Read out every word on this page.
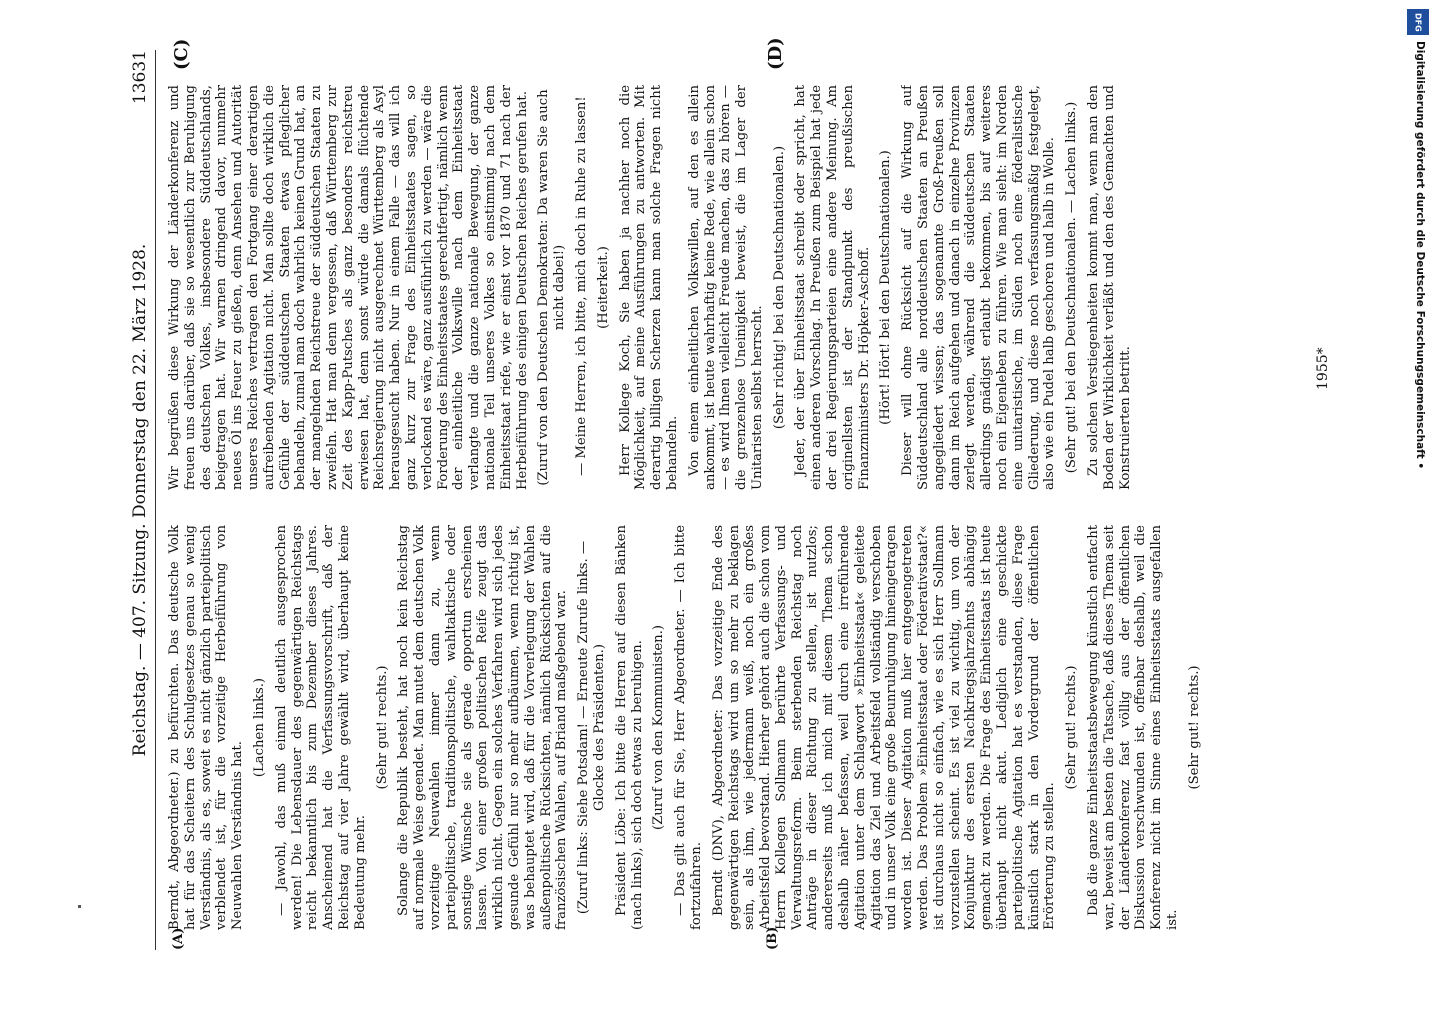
Reichstag. — 407. Sitzung. Donnerstag den 22. März 1928.
13631
(A)	(B)
(C)	(D)

Berndt, Abgeordneter.) zu befürchten. Das deutsche Volk hat für das Scheitern des Schulgesetzes genau so wenig Verständnis, als es, soweit es nicht gänzlich parteipolitisch verblendet ist, für die vorzeitige Herbeiführung von Neuwahlen Verständnis hat.

(Lachen links.) — Jawohl, das muß einmal deutlich ausgesprochen werden! Die Lebensdauer des gegenwärtigen Reichstags reicht bekanntlich bis zum Dezember dieses Jahres. Anscheinend hat die Verfassungsvorschrift, daß der Reichstag auf vier Jahre gewählt wird, überhaupt keine Bedeutung mehr.

(Sehr gut! rechts.) Solange die Republik besteht, hat noch kein Reichstag auf normale Weise geendet. Man mutet dem deutschen Volk vorzeitige Neuwahlen immer dann zu, wenn parteipolitische, traditionspolitische, wahltaktische oder sonstige Wünsche sie als gerade opportun erscheinen lassen. Von einer großen politischen Reife zeugt das wirklich nicht. Gegen ein solches Verfahren wird sich jedes gesunde Gefühl nur so mehr aufbäumen, wenn richtig ist, was behauptet wird, daß für die Vorverlegung der Wahlen außenpolitische Rücksichten, nämlich Rücksichten auf die französischen Wahlen, auf Briand maßgebend war. (Zuruf links: Siehe Potsdam! — Erneute Zurufe links. — Glocke des Präsidenten.) Präsident Löbe: Ich bitte die Herren auf diesen Bänken (nach links), sich doch etwas zu beruhigen. (Zuruf von den Kommunisten.) — Das gilt auch für Sie, Herr Abgeordneter. — Ich bitte fortzufahren. Berndt (DNV), Abgeordneter: Das vorzeitige Ende des gegenwärtigen Reichstags wird um so mehr zu beklagen sein, als ihm, wie jedermann weiß, noch ein großes Arbeitsfeld bevorstand. Hierher gehört auch die schon vom Herrn Kollegen Sollmann berührte Verfassungs- und Verwaltungsreform. Beim sterbenden Reichstag noch Anträge in dieser Richtung zu stellen, ist nutzlos; andererseits muß ich mich mit diesem Thema schon deshalb näher befassen, weil durch eine irreführende Agitation unter dem Schlagwort »Einheitsstaat« geleitete Agitation das Ziel und Arbeitsfeld vollständig verschoben und in unser Volk eine große Beunruhigung hineingetragen worden ist. Dieser Agitation muß hier entgegengetreten werden. Das Problem »Einheitsstaat oder Föderativstaat?« ist durchaus nicht so einfach, wie es sich Herr Sollmann vorzustellen scheint. Es ist viel zu wichtig, um von der Konjunktur des ersten Nachkriegsjahrzehnts abhängig gemacht zu werden. Die Frage des Einheitsstaats ist heute überhaupt nicht akut. Lediglich eine geschickte parteipolitische Agitation hat es verstanden, diese Frage künstlich stark in den Vordergrund der öffentlichen Erörterung zu stellen.

(Sehr gut! rechts.) Daß die ganze Einheitsstaatsbewegung künstlich entfacht war, beweist am besten die Tatsache, daß dieses Thema seit der Länderkonferenz fast völlig aus der öffentlichen Diskussion verschwunden ist, offenbar deshalb, weil die Konferenz nicht im Sinne eines Einheitsstaats ausgefallen ist.

(Sehr gut! rechts.)

Wir begrüßen diese Wirkung der Länderkonferenz und freuen uns darüber, daß sie so wesentlich zur Beruhigung des deutschen Volkes, insbesondere Süddeutschlands, beigetragen hat. Wir warnen dringend davor, nunmehr neues Öl ins Feuer zu gießen, denn Ansehen und Autorität unseres Reiches vertragen den Fortgang einer derartigen aufreibenden Agitation nicht. Man sollte doch wirklich die Gefühle der süddeutschen Staaten etwas pfleglicher behandeln, zumal man doch wahrlich keinen Grund hat, an der mangelnden Reichstreue der süddeutschen Staaten zu zweifeln. Hat man denn vergessen, daß Württemberg zur Zeit des Kapp-Putsches als ganz besonders reichstreu erwiesen hat, denn sonst würde die damals flüchtende Reichsregierung nicht ausgerechnet Württemberg als Asyl herausgesucht haben. Nur in einem Falle — das will ich ganz kurz zur Frage des Einheitsstaates sagen, so verlockend es wäre, ganz ausführlich zu werden — wäre die Forderung des Einheitsstaates gerechtfertigt, nämlich wenn der einheitliche Volkswille nach dem Einheitsstaat verlangte und die ganze nationale Bewegung, der ganze nationale Teil unseres Volkes so einstimmig nach dem Einheitsstaat riefe, wie er einst vor 1870 und 71 nach der Herbeiführung des einigen Deutschen Reiches gerufen hat. (Zuruf von den Deutschen Demokraten: Da waren Sie auch nicht dabei!) — Meine Herren, ich bitte, mich doch in Ruhe zu lassen! (Heiterkeit.) Herr Kollege Koch, Sie haben ja nachher noch die Möglichkeit, auf meine Ausführungen zu antworten. Mit derartig billigen Scherzen kann man solche Fragen nicht behandeln. Von einem einheitlichen Volkswillen, auf den es allein ankommt, ist heute wahrhaftig keine Rede, wie allein schon — es wird Ihnen vielleicht Freude machen, das zu hören — die grenzenlose Uneinigkeit beweist, die im Lager der Unitaristen selbst herrscht. (Sehr richtig! bei den Deutschnationalen.) Jeder, der über Einheitsstaat schreibt oder spricht, hat einen anderen Vorschlag. In Preußen zum Beispiel hat jede der drei Regierungsparteien eine andere Meinung. Am originellsten ist der Standpunkt des preußischen Finanzministers Dr. Höpker-Aschoff. (Hört! Hört! bei den Deutschnationalen.) Dieser will ohne Rücksicht auf die Wirkung auf Süddeutschland alle norddeutschen Staaten an Preußen angegliedert wissen; das sogenannte Groß-Preußen soll dann im Reich aufgehen und danach in einzelne Provinzen zerlegt werden, während die süddeutschen Staaten allerdings gnädigst erlaubt bekommen, bis auf weiteres noch ein Eigenleben zu führen. Wie man sieht: im Norden eine unitaristische, im Süden noch eine föderalistische Gliederung, und diese noch verfassungsmäßig festgelegt, also wie ein Pudel halb geschoren und halb in Wolle. (Sehr gut! bei den Deutschnationalen. — Lachen links.) Zu solchen Verstiegenheiten kommt man, wenn man den Boden der Wirklichkeit verläßt und den des Gemachten und Konstruierten betritt.	1955*
DFG
Digitalisierung gefördert durch die Deutsche Forschungsgemeinschaft •
